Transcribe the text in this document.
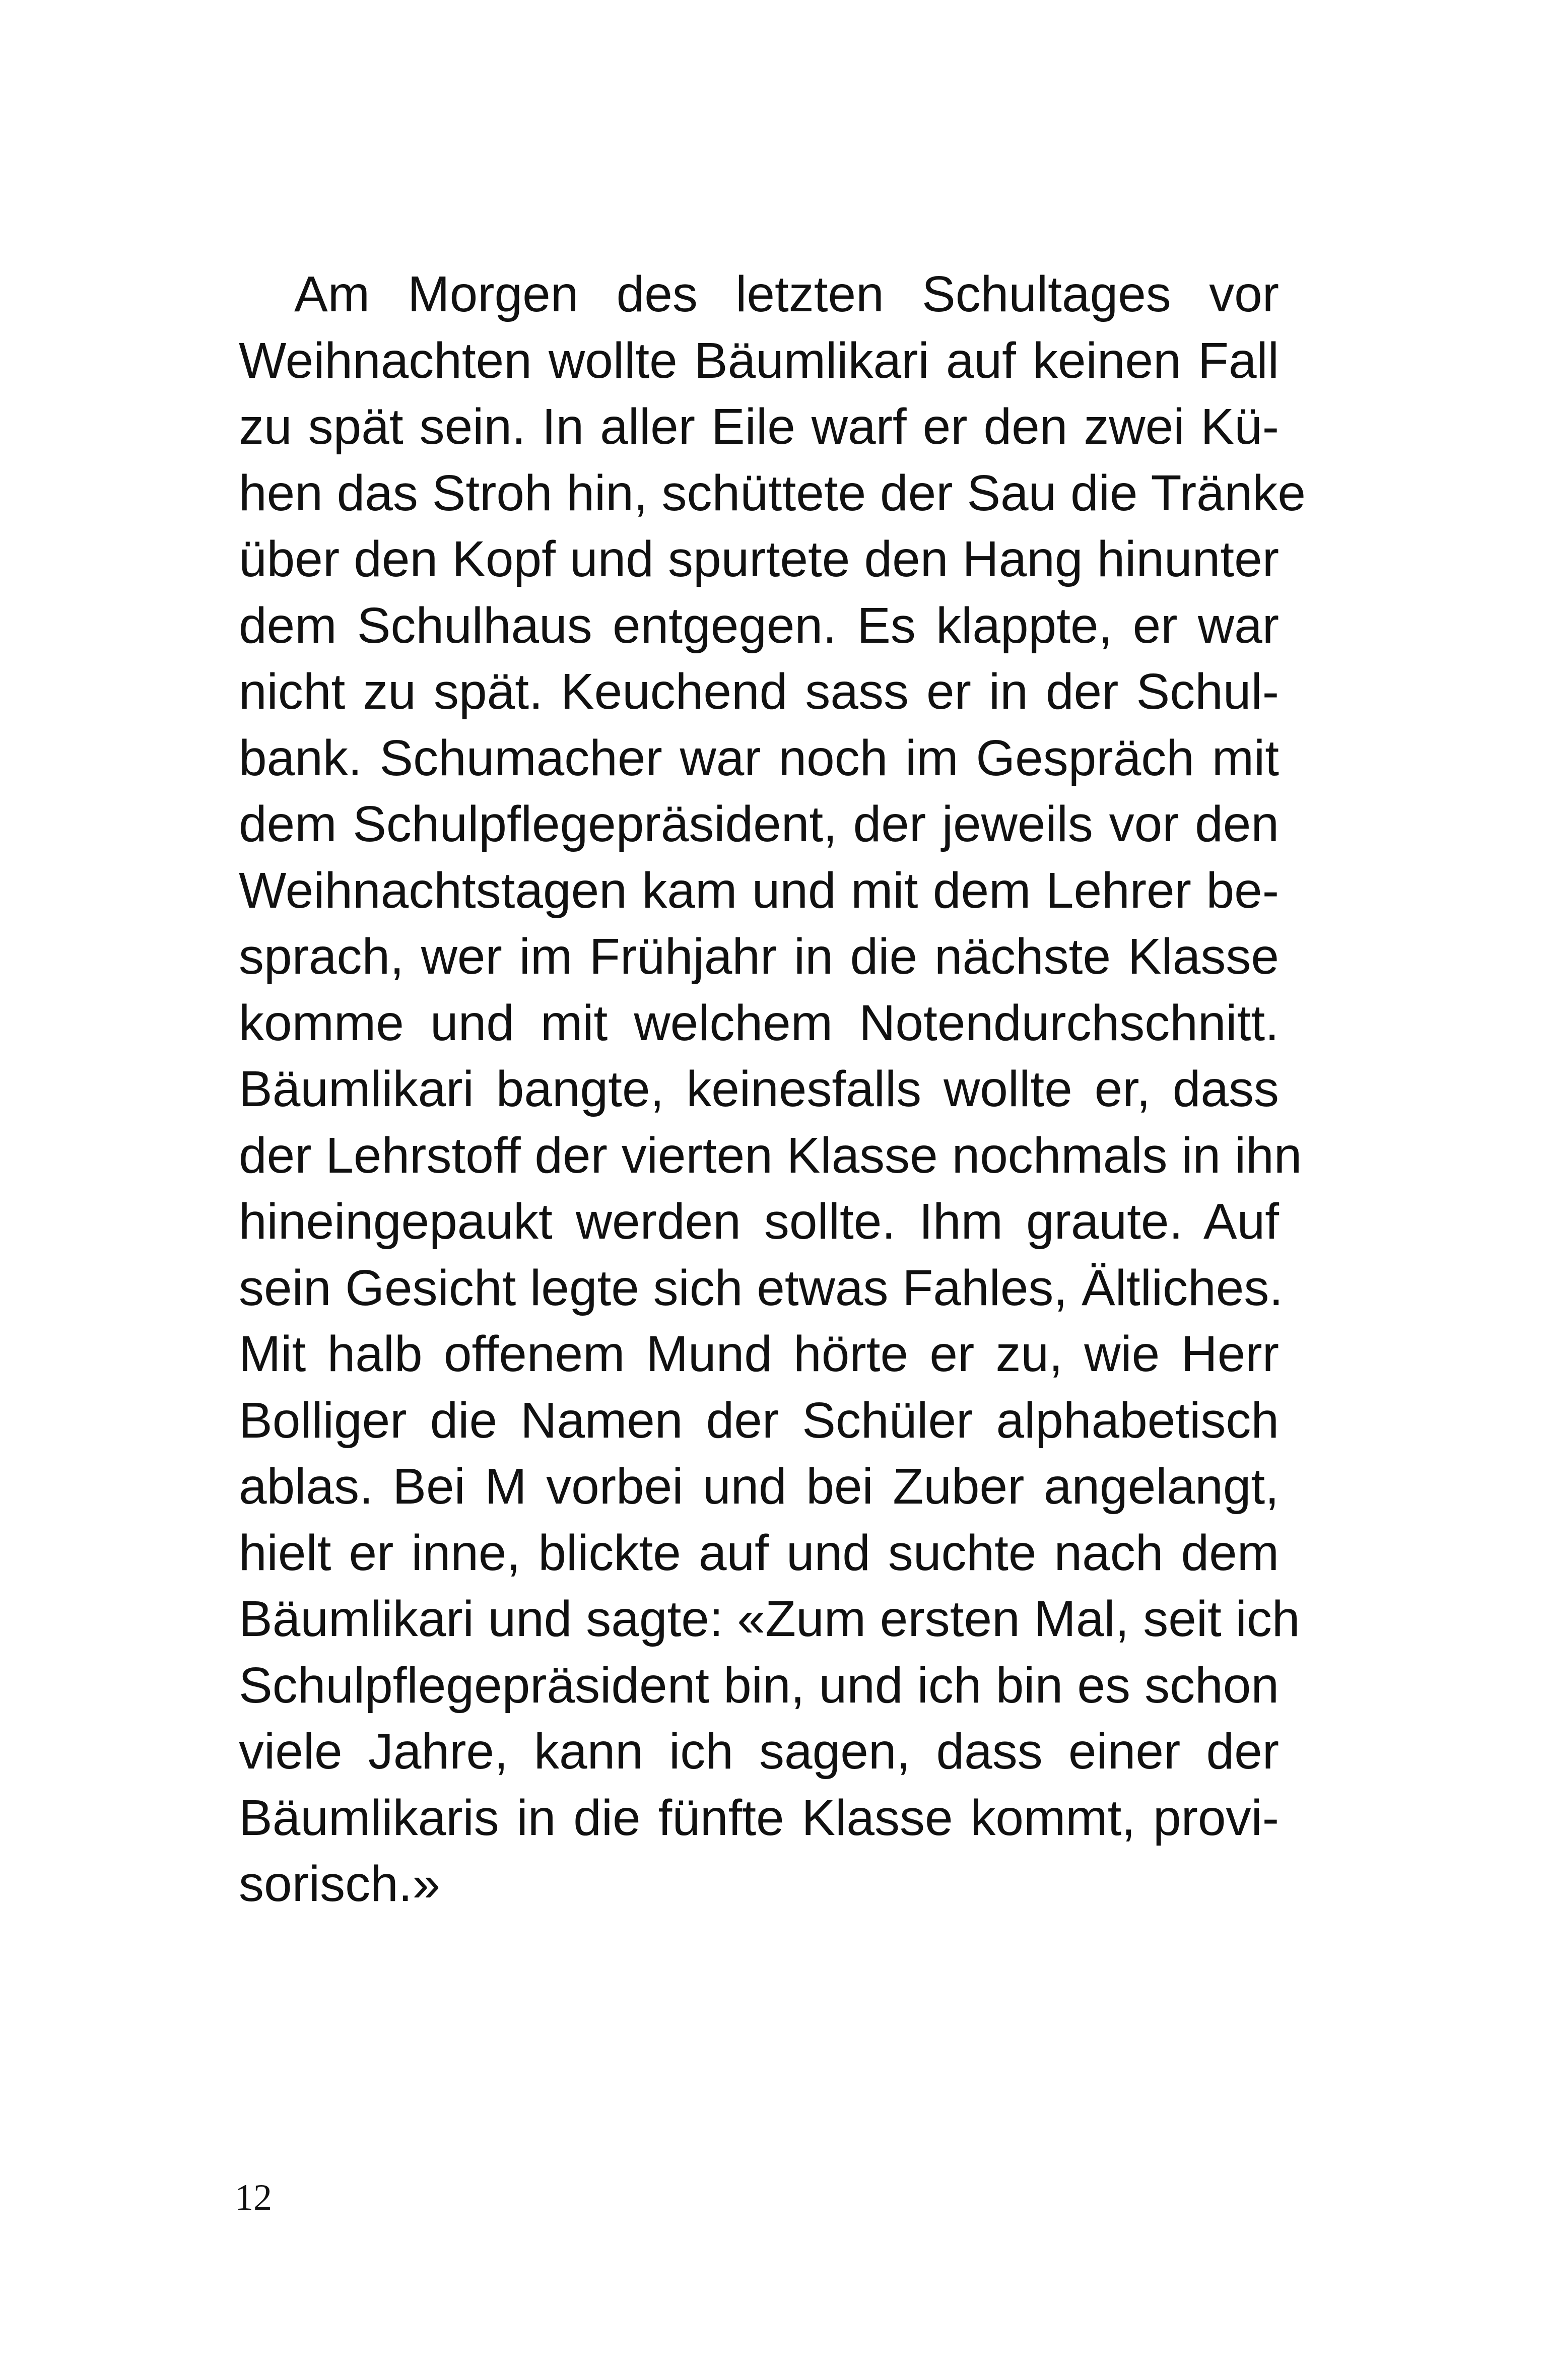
Am Morgen des letzten Schultages vor
Weihnachten wollte Bäumlikari auf keinen Fall
zu spät sein. In aller Eile warf er den zwei Kü-
hen das Stroh hin, schüttete der Sau die Tränke
über den Kopf und spurtete den Hang hinunter
dem Schulhaus entgegen. Es klappte, er war
nicht zu spät. Keuchend sass er in der Schul-
bank. Schumacher war noch im Gespräch mit
dem Schulpflegepräsident, der jeweils vor den
Weihnachtstagen kam und mit dem Lehrer be-
sprach, wer im Frühjahr in die nächste Klasse
komme und mit welchem Notendurchschnitt.
Bäumlikari bangte, keinesfalls wollte er, dass
der Lehrstoff der vierten Klasse nochmals in ihn
hineingepaukt werden sollte. Ihm graute. Auf
sein Gesicht legte sich etwas Fahles, Ältliches.
Mit halb offenem Mund hörte er zu, wie Herr
Bolliger die Namen der Schüler alphabetisch
ablas. Bei M vorbei und bei Zuber angelangt,
hielt er inne, blickte auf und suchte nach dem
Bäumlikari und sagte: «Zum ersten Mal, seit ich
Schulpflegepräsident bin, und ich bin es schon
viele Jahre, kann ich sagen, dass einer der
Bäumlikaris in die fünfte Klasse kommt, provi-
sorisch.»
12
